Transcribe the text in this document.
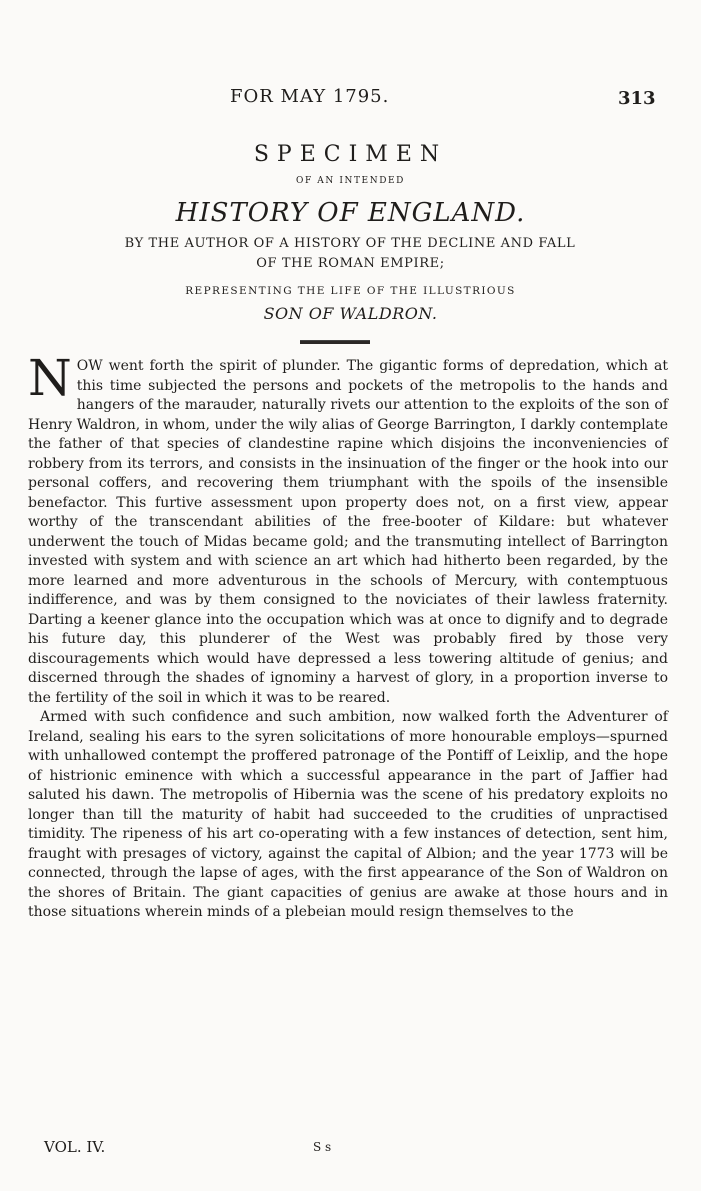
FOR MAY 1795.	313
SPECIMEN
OF AN INTENDED
HISTORY OF ENGLAND.
BY THE AUTHOR OF A HISTORY OF THE DECLINE AND FALL
OF THE ROMAN EMPIRE;
REPRESENTING THE LIFE OF THE ILLUSTRIOUS
SON OF WALDRON.

NOW went forth the spirit of plunder. The gigantic forms of depredation, which at this time subjected the persons and pockets of the metropolis to the hands and hangers of the marauder, naturally rivets our attention to the exploits of the son of Henry Waldron, in whom, under the wily alias of George Barrington, I darkly contemplate the father of that species of clandestine rapine which disjoins the inconveniencies of robbery from its terrors, and consists in the insinuation of the finger or the hook into our personal coffers, and recovering them triumphant with the spoils of the insensible benefactor. This furtive assessment upon property does not, on a first view, appear worthy of the transcendant abilities of the free-booter of Kildare: but whatever underwent the touch of Midas became gold; and the transmuting intellect of Barrington invested with system and with science an art which had hitherto been regarded, by the more learned and more adventurous in the schools of Mercury, with contemptuous indifference, and was by them consigned to the noviciates of their lawless fraternity. Darting a keener glance into the occupation which was at once to dignify and to degrade his future day, this plunderer of the West was probably fired by those very discouragements which would have depressed a less towering altitude of genius; and discerned through the shades of ignominy a harvest of glory, in a proportion inverse to the fertility of the soil in which it was to be reared.

Armed with such confidence and such ambition, now walked forth the Adventurer of Ireland, sealing his ears to the syren solicitations of more honourable employs—spurned with unhallowed contempt the proffered patronage of the Pontiff of Leixlip, and the hope of histrionic eminence with which a successful appearance in the part of Jaffier had saluted his dawn. The metropolis of Hibernia was the scene of his predatory exploits no longer than till the maturity of habit had succeeded to the crudities of unpractised timidity. The ripeness of his art co-operating with a few instances of detection, sent him, fraught with presages of victory, against the capital of Albion; and the year 1773 will be connected, through the lapse of ages, with the first appearance of the Son of Waldron on the shores of Britain. The giant capacities of genius are awake at those hours and in those situations wherein minds of a plebeian mould resign themselves to the

VOL. IV.	S s
